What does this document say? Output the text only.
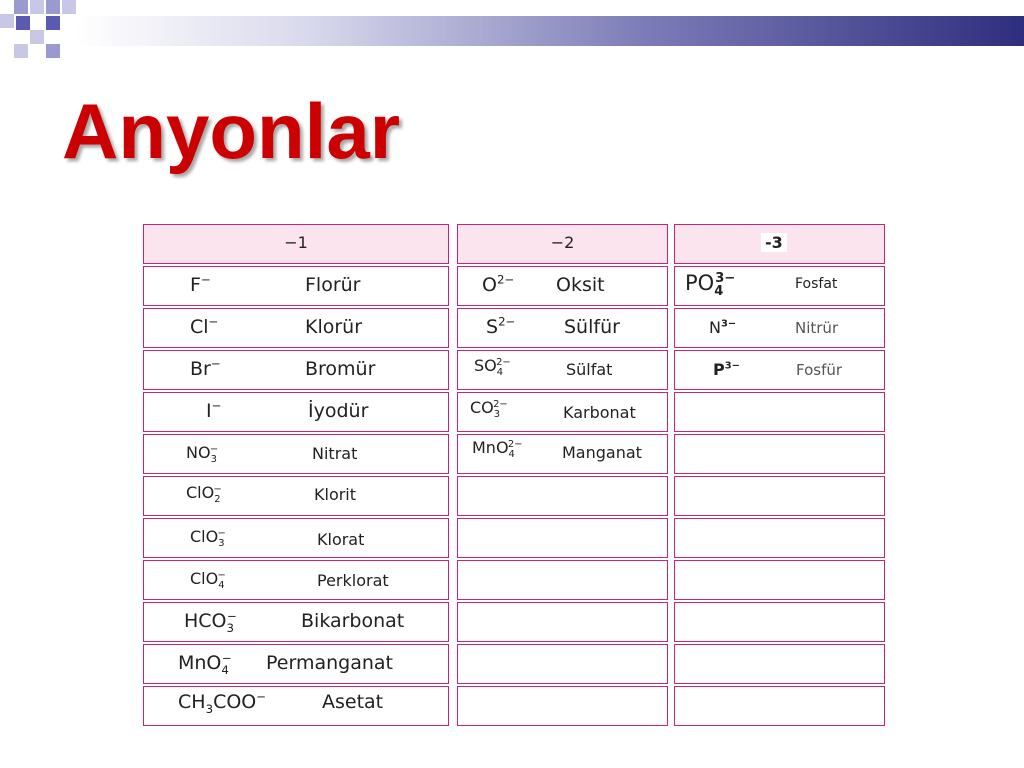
Anyonlar
−1
F−	Florür
Cl−	Klorür
Br−	Bromür
I−	İyodür
$NO_3^-$	Nitrat
ClO$_2$−	Klorit
ClO$_3$−	Klorat
ClO$_4$−	Perklorat
$HCO_3^-$	Bikarbonat
MnO$_4$− Permanganat
$CH_3COO^-$	Asetat
−2
$O^{2-}$ Oksit
$S^{2-}$	Sülfür
$SO_4^{2-}$	Sülfat
$CO_3^{2-}$	Karbonat
MnO$_4^{2-}$ Manganat
-3
$PO_4^{3-}$	Fosfat
$N^{3-}$	Nitrür
$P^{3-}$	Fosfür
